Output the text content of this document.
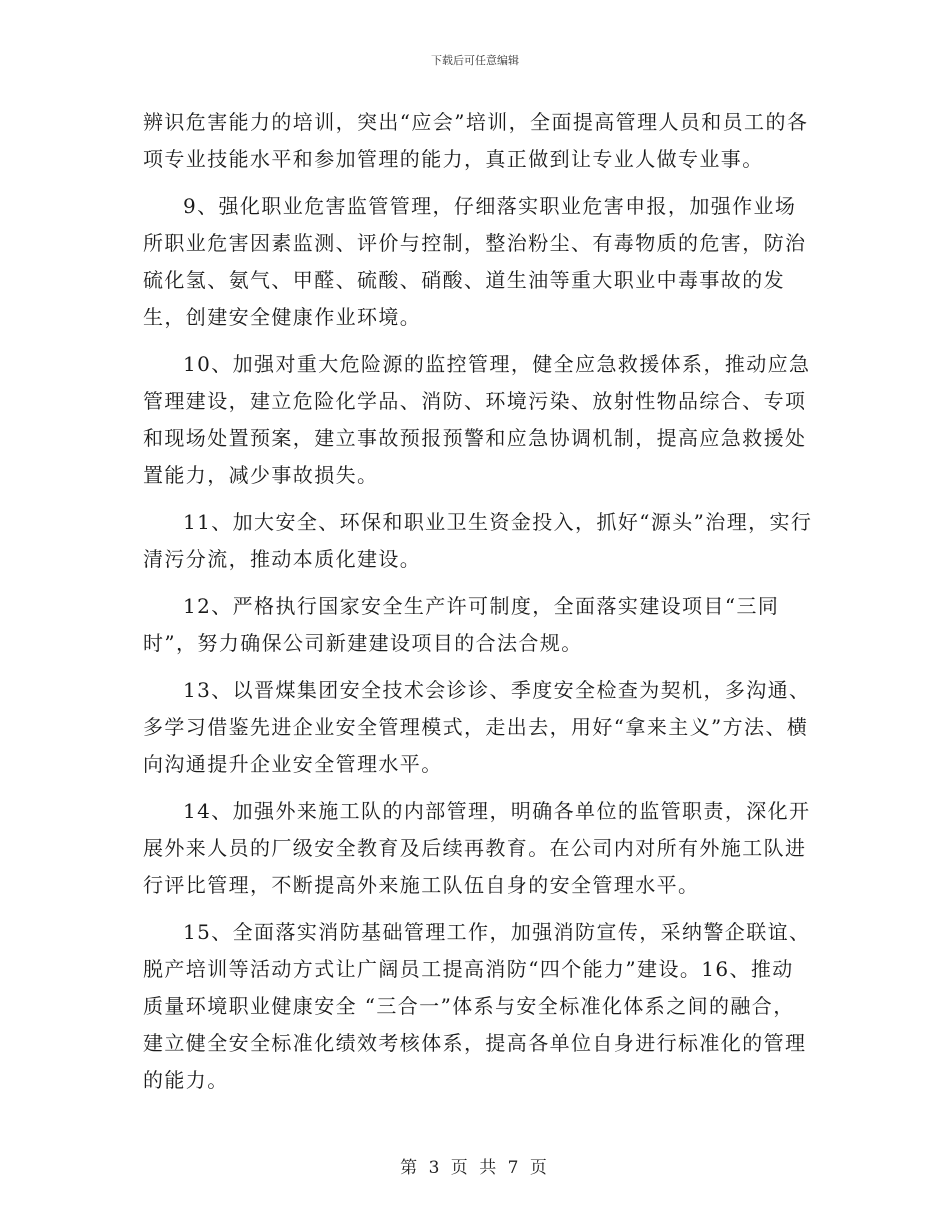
下载后可任意编辑

辨识危害能力的培训，突出“应会”培训，全面提高管理人员和员工的各项专业技能水平和参加管理的能力，真正做到让专业人做专业事。

9、强化职业危害监管管理，仔细落实职业危害申报，加强作业场所职业危害因素监测、评价与控制，整治粉尘、有毒物质的危害，防治硫化氢、氨气、甲醛、硫酸、硝酸、道生油等重大职业中毒事故的发生，创建安全健康作业环境。

10、加强对重大危险源的监控管理，健全应急救援体系，推动应急管理建设，建立危险化学品、消防、环境污染、放射性物品综合、专项和现场处置预案，建立事故预报预警和应急协调机制，提高应急救援处置能力，减少事故损失。

11、加大安全、环保和职业卫生资金投入，抓好“源头”治理，实行清污分流，推动本质化建设。

12、严格执行国家安全生产许可制度，全面落实建设项目“三同时”，努力确保公司新建建设项目的合法合规。

13、以晋煤集团安全技术会诊诊、季度安全检查为契机，多沟通、多学习借鉴先进企业安全管理模式，走出去，用好“拿来主义”方法、横向沟通提升企业安全管理水平。

14、加强外来施工队的内部管理，明确各单位的监管职责，深化开展外来人员的厂级安全教育及后续再教育。在公司内对所有外施工队进行评比管理，不断提高外来施工队伍自身的安全管理水平。

15、全面落实消防基础管理工作，加强消防宣传，采纳警企联谊、脱产培训等活动方式让广阔员工提高消防“四个能力”建设。16、推动质量环境职业健康安全 “三合一”体系与安全标准化体系之间的融合，建立健全安全标准化绩效考核体系，提高各单位自身进行标准化的管理的能力。

第 3 页 共 7 页
